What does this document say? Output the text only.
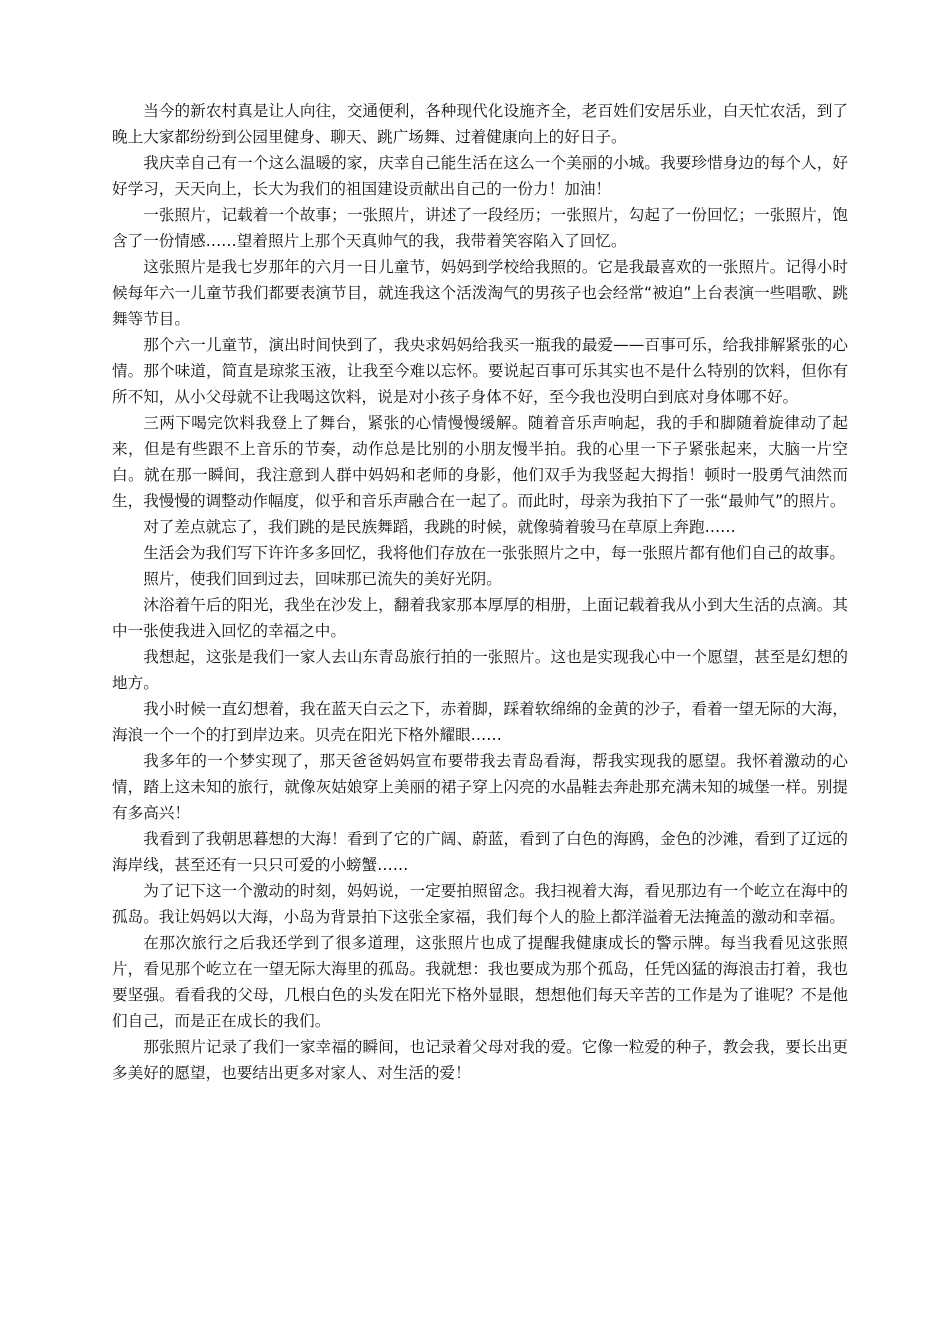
当今的新农村真是让人向往，交通便利，各种现代化设施齐全，老百姓们安居乐业，白天忙农活，到了晚上大家都纷纷到公园里健身、聊天、跳广场舞、过着健康向上的好日子。

我庆幸自己有一个这么温暖的家，庆幸自己能生活在这么一个美丽的小城。我要珍惜身边的每个人，好好学习，天天向上，长大为我们的祖国建设贡献出自己的一份力！加油！

一张照片，记载着一个故事；一张照片，讲述了一段经历；一张照片，勾起了一份回忆；一张照片，饱含了一份情感……望着照片上那个天真帅气的我，我带着笑容陷入了回忆。

这张照片是我七岁那年的六月一日儿童节，妈妈到学校给我照的。它是我最喜欢的一张照片。记得小时候每年六一儿童节我们都要表演节目，就连我这个活泼淘气的男孩子也会经常“被迫”上台表演一些唱歌、跳舞等节目。

那个六一儿童节，演出时间快到了，我央求妈妈给我买一瓶我的最爱——百事可乐，给我排解紧张的心情。那个味道，简直是琼浆玉液，让我至今难以忘怀。要说起百事可乐其实也不是什么特别的饮料，但你有所不知，从小父母就不让我喝这饮料，说是对小孩子身体不好，至今我也没明白到底对身体哪不好。

三两下喝完饮料我登上了舞台，紧张的心情慢慢缓解。随着音乐声响起，我的手和脚随着旋律动了起来，但是有些跟不上音乐的节奏，动作总是比别的小朋友慢半拍。我的心里一下子紧张起来，大脑一片空白。就在那一瞬间，我注意到人群中妈妈和老师的身影，他们双手为我竖起大拇指！顿时一股勇气油然而生，我慢慢的调整动作幅度，似乎和音乐声融合在一起了。而此时，母亲为我拍下了一张“最帅气”的照片。

对了差点就忘了，我们跳的是民族舞蹈，我跳的时候，就像骑着骏马在草原上奔跑……

生活会为我们写下许许多多回忆，我将他们存放在一张张照片之中，每一张照片都有他们自己的故事。

照片，使我们回到过去，回味那已流失的美好光阴。

沐浴着午后的阳光，我坐在沙发上，翻着我家那本厚厚的相册，上面记载着我从小到大生活的点滴。其中一张使我进入回忆的幸福之中。

我想起，这张是我们一家人去山东青岛旅行拍的一张照片。这也是实现我心中一个愿望，甚至是幻想的地方。

我小时候一直幻想着，我在蓝天白云之下，赤着脚，踩着软绵绵的金黄的沙子，看着一望无际的大海，海浪一个一个的打到岸边来。贝壳在阳光下格外耀眼……

我多年的一个梦实现了，那天爸爸妈妈宣布要带我去青岛看海，帮我实现我的愿望。我怀着激动的心情，踏上这未知的旅行，就像灰姑娘穿上美丽的裙子穿上闪亮的水晶鞋去奔赴那充满未知的城堡一样。别提有多高兴！

我看到了我朝思暮想的大海！看到了它的广阔、蔚蓝，看到了白色的海鸥，金色的沙滩，看到了辽远的海岸线，甚至还有一只只可爱的小螃蟹……

为了记下这一个激动的时刻，妈妈说，一定要拍照留念。我扫视着大海，看见那边有一个屹立在海中的孤岛。我让妈妈以大海，小岛为背景拍下这张全家福，我们每个人的脸上都洋溢着无法掩盖的激动和幸福。

在那次旅行之后我还学到了很多道理，这张照片也成了提醒我健康成长的警示牌。每当我看见这张照片，看见那个屹立在一望无际大海里的孤岛。我就想：我也要成为那个孤岛，任凭凶猛的海浪击打着，我也要坚强。看看我的父母，几根白色的头发在阳光下格外显眼，想想他们每天辛苦的工作是为了谁呢？不是他们自己，而是正在成长的我们。

那张照片记录了我们一家幸福的瞬间，也记录着父母对我的爱。它像一粒爱的种子，教会我，要长出更多美好的愿望，也要结出更多对家人、对生活的爱！
